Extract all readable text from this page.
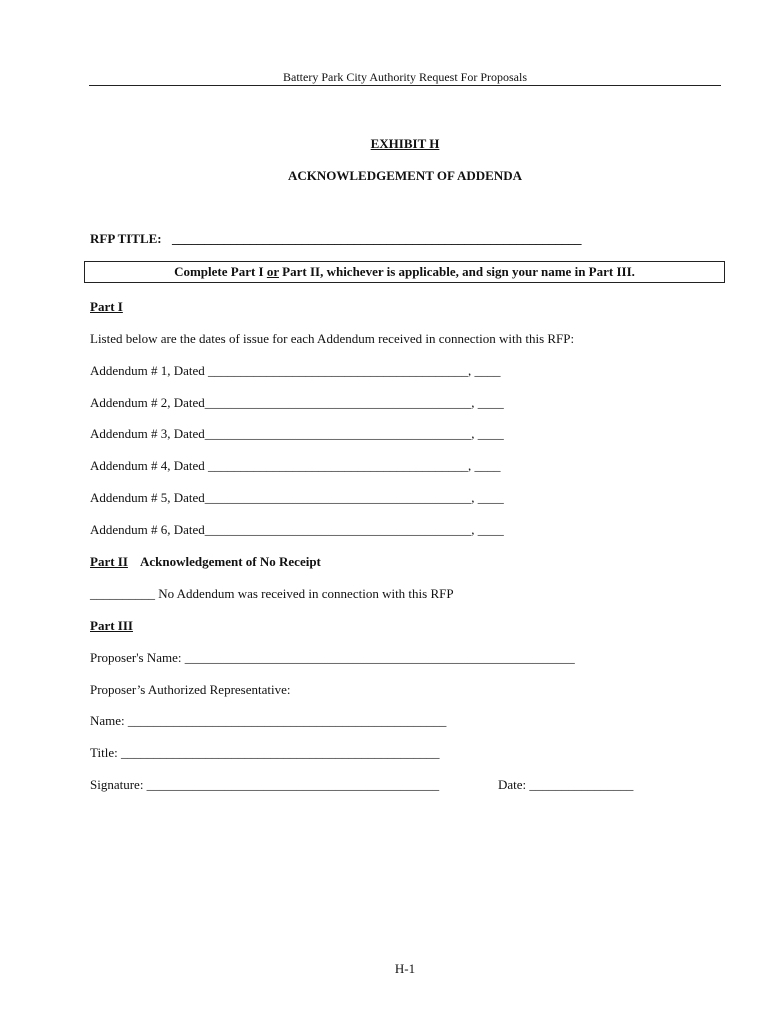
Battery Park City Authority Request For Proposals
EXHIBIT H
ACKNOWLEDGEMENT OF ADDENDA
RFP TITLE: _______________________________________________________________
Complete Part I or Part II, whichever is applicable, and sign your name in Part III.
Part I
Listed below are the dates of issue for each Addendum received in connection with this RFP:
Addendum # 1, Dated ________________________________________, ____
Addendum # 2, Dated_________________________________________, ____
Addendum # 3, Dated_________________________________________, ____
Addendum # 4, Dated ________________________________________, ____
Addendum # 5, Dated_________________________________________, ____
Addendum # 6, Dated_________________________________________, ____
Part II Acknowledgement of No Receipt
__________ No Addendum was received in connection with this RFP
Part III
Proposer's Name: ____________________________________________________________
Proposer’s Authorized Representative:
Name: _________________________________________________
Title: _________________________________________________
Signature: _____________________________________________	Date: ________________
H-1
